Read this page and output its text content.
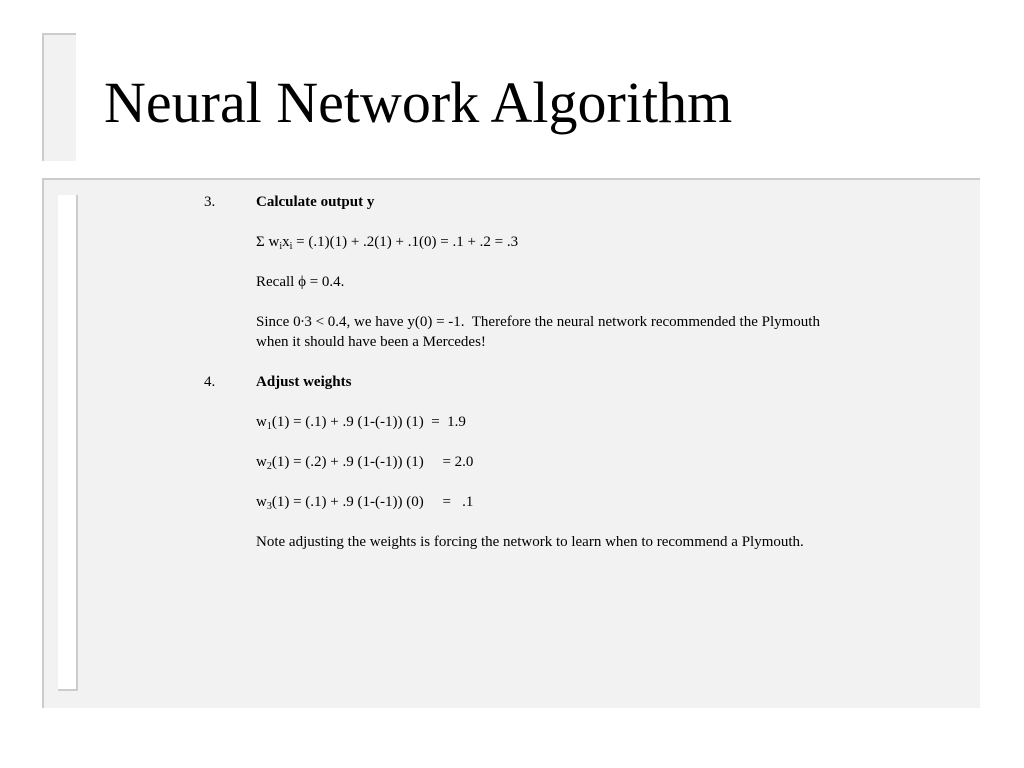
Neural Network Algorithm
3.	Calculate output y

Σ $w_ix_i = (.1)(1) + .2(1) + .1(0) = .1 + .2 = .3$

Recall ϕ = 0.4.

Since 0∙3 < 0.4, we have y(0) = -1.  Therefore the neural network recommended the Plymouth when it should have been a Mercedes!

4.	Adjust weights

$w_1(1) = (.1) + .9$ (1-(-1)) (1)  =  1.9

$w_2(1) = (.2) + .9$ (1-(-1)) (1)     = 2.0

$w_3(1) = (.1) + .9$ (1-(-1)) (0)     =   .1

Note adjusting the weights is forcing the network to learn when to recommend a Plymouth.
